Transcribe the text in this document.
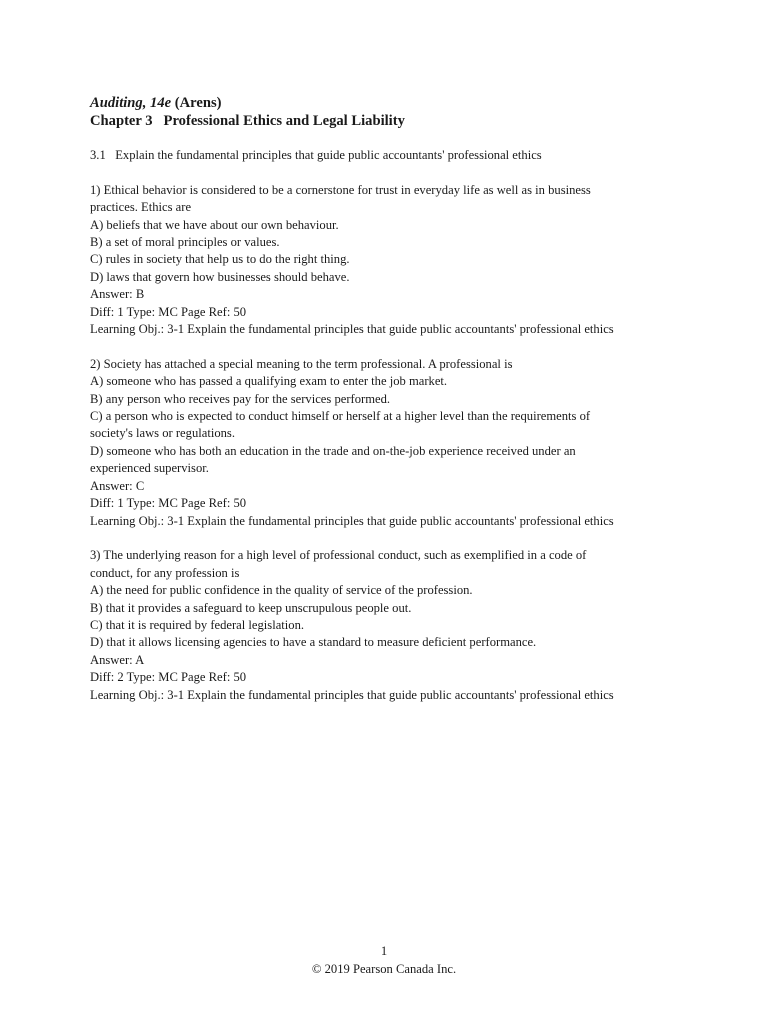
Auditing, 14e (Arens)

Chapter 3 Professional Ethics and Legal Liability

3.1 Explain the fundamental principles that guide public accountants' professional ethics
1) Ethical behavior is considered to be a cornerstone for trust in everyday life as well as in business
practices. Ethics are
A) beliefs that we have about our own behaviour.
B) a set of moral principles or values.
C) rules in society that help us to do the right thing.
D) laws that govern how businesses should behave.
Answer: B
Diff: 1 Type: MC Page Ref: 50
Learning Obj.: 3-1 Explain the fundamental principles that guide public accountants' professional ethics
2) Society has attached a special meaning to the term professional. A professional is
A) someone who has passed a qualifying exam to enter the job market.
B) any person who receives pay for the services performed.
C) a person who is expected to conduct himself or herself at a higher level than the requirements of
society's laws or regulations.
D) someone who has both an education in the trade and on-the-job experience received under an
experienced supervisor.
Answer: C
Diff: 1 Type: MC Page Ref: 50
Learning Obj.: 3-1 Explain the fundamental principles that guide public accountants' professional ethics
3) The underlying reason for a high level of professional conduct, such as exemplified in a code of
conduct, for any profession is
A) the need for public confidence in the quality of service of the profession.
B) that it provides a safeguard to keep unscrupulous people out.
C) that it is required by federal legislation.
D) that it allows licensing agencies to have a standard to measure deficient performance.
Answer: A
Diff: 2 Type: MC Page Ref: 50
Learning Obj.: 3-1 Explain the fundamental principles that guide public accountants' professional ethics
1
© 2019 Pearson Canada Inc.
